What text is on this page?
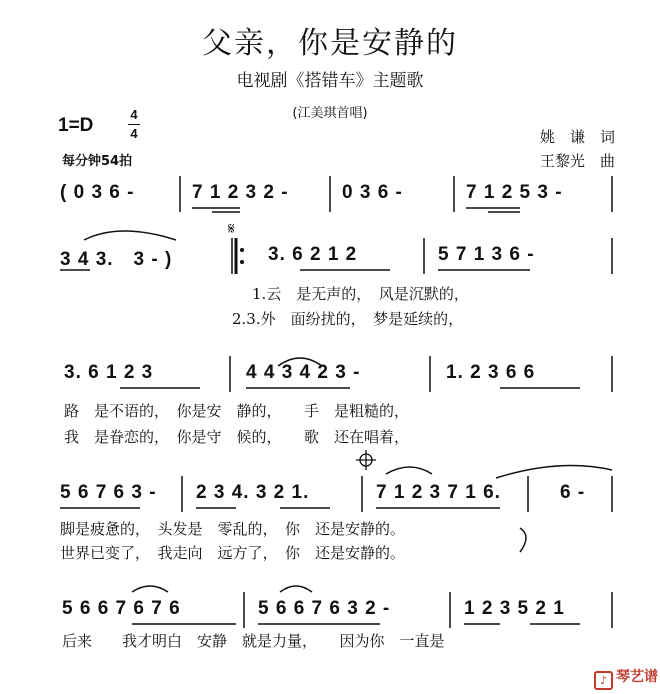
父亲，你是安静的
电视剧《搭错车》主题歌
(江美琪首唱)
1=D
4
4
每分钟54拍
姚　谦　词
王黎光　曲
( 0 3 6 -	7 1 2 3 2 -	0 3 6 -	7 1 2 5 3 -
3 4 3.　3 - )	3. 6 2 1 2	5 7 1 3 6 -
1.云　是无声的，　风是沉默的，
2.3.外　面纷扰的，　梦是延续的，
3. 6 1 2 3	4 4 3 4 2 3 -	1. 2 3 6 6
路　是不语的，　你是安　静的，　　手　是粗糙的，
我　是眷恋的，　你是守　候的，　　歌　还在唱着，
5 6 7 6 3 - 2 3 4. 3 2 1.	7 1 2 3 7 1 6.	6 -
脚是疲惫的，　头发是　零乱的，　你　还是安静的。
世界已变了，　我走向　远方了，　你　还是安静的。
5 6 6 7 6 7 6	5 6 6 7 6 3 2 -	1 2 3 5 2 1
后来　　我才明白　安静　就是力量，　　因为你　一直是
𝄋
♪ 琴艺谱
